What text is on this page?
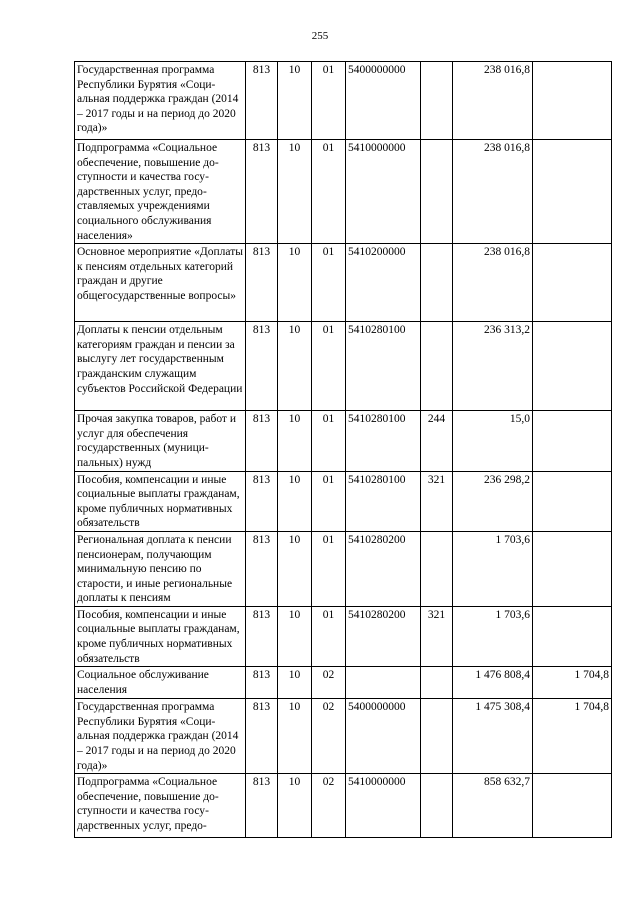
255
Государственная программа Республики Бурятия «Социальная поддержка граждан (2014 – 2017 годы и на период до 2020 года)»	813	10	01	5400000000		238 016,8	
Подпрограмма «Социальное обеспечение, повышение доступности и качества государственных услуг, предоставляемых учреждениями социального обслуживания населения»	813	10	01	5410000000		238 016,8	
Основное мероприятие «Доплаты к пенсиям отдельных категорий граждан и другие общегосударственные вопросы»	813	10	01	5410200000		238 016,8	
Доплаты к пенсии отдельным категориям граждан и пенсии за выслугу лет государственным гражданским служащим субъектов Российской Федерации	813	10	01	5410280100		236 313,2	
Прочая закупка товаров, работ и услуг для обеспечения государственных (муниципальных) нужд	813	10	01	5410280100	244	15,0	
Пособия, компенсации и иные социальные выплаты гражданам, кроме публичных нормативных обязательств	813	10	01	5410280100	321	236 298,2	
Региональная доплата к пенсии пенсионерам, получающим минимальную пенсию по старости, и иные региональные доплаты к пенсиям	813	10	01	5410280200		1 703,6	
Пособия, компенсации и иные социальные выплаты гражданам, кроме публичных нормативных обязательств	813	10	01	5410280200	321	1 703,6	
Социальное обслуживание населения	813	10	02			1 476 808,4	1 704,8
Государственная программа Республики Бурятия «Социальная поддержка граждан (2014 – 2017 годы и на период до 2020 года)»	813	10	02	5400000000		1 475 308,4	1 704,8
Подпрограмма «Социальное обеспечение, повышение доступности и качества государственных услуг, предо-	813	10	02	5410000000		858 632,7	
